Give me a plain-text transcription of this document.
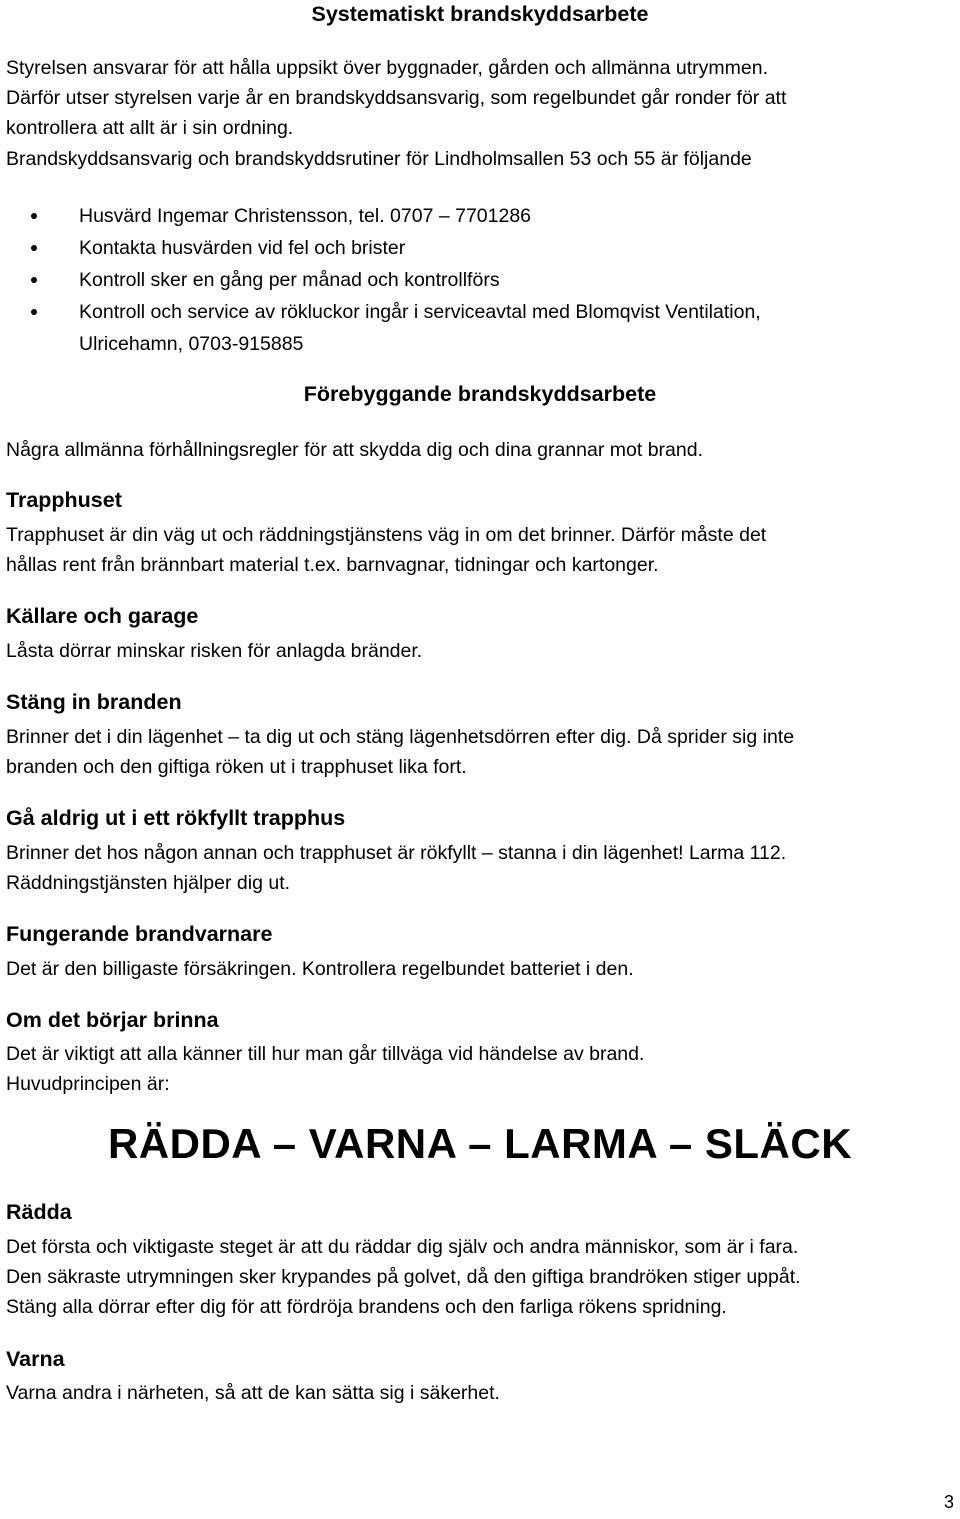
Systematiskt brandskyddsarbete
Styrelsen ansvarar för att hålla uppsikt över byggnader, gården och allmänna utrymmen.
Därför utser styrelsen varje år en brandskyddsansvarig, som regelbundet går ronder för att
kontrollera att allt är i sin ordning.
Brandskyddsansvarig och brandskyddsrutiner för Lindholmsallen 53 och 55 är följande
Husvärd Ingemar Christensson, tel. 0707 – 7701286
Kontakta husvärden vid fel och brister
Kontroll sker en gång per månad och kontrollförs
Kontroll och service av rökluckor ingår i serviceavtal med Blomqvist Ventilation,
Ulricehamn, 0703-915885
Förebyggande brandskyddsarbete
Några allmänna förhållningsregler för att skydda dig och dina grannar mot brand.
Trapphuset
Trapphuset är din väg ut och räddningstjänstens väg in om det brinner. Därför måste det
hållas rent från brännbart material t.ex. barnvagnar, tidningar och kartonger.
Källare och garage
Låsta dörrar minskar risken för anlagda bränder.
Stäng in branden
Brinner det i din lägenhet – ta dig ut och stäng lägenhetsdörren efter dig. Då sprider sig inte
branden och den giftiga röken ut i trapphuset lika fort.
Gå aldrig ut i ett rökfyllt trapphus
Brinner det hos någon annan och trapphuset är rökfyllt – stanna i din lägenhet! Larma 112.
Räddningstjänsten hjälper dig ut.
Fungerande brandvarnare
Det är den billigaste försäkringen. Kontrollera regelbundet batteriet i den.
Om det börjar brinna
Det är viktigt att alla känner till hur man går tillväga vid händelse av brand.
Huvudprincipen är:
RÄDDA – VARNA – LARMA – SLÄCK
Rädda
Det första och viktigaste steget är att du räddar dig själv och andra människor, som är i fara.
Den säkraste utrymningen sker krypandes på golvet, då den giftiga brandröken stiger uppåt.
Stäng alla dörrar efter dig för att fördröja brandens och den farliga rökens spridning.
Varna
Varna andra i närheten, så att de kan sätta sig i säkerhet.
3
